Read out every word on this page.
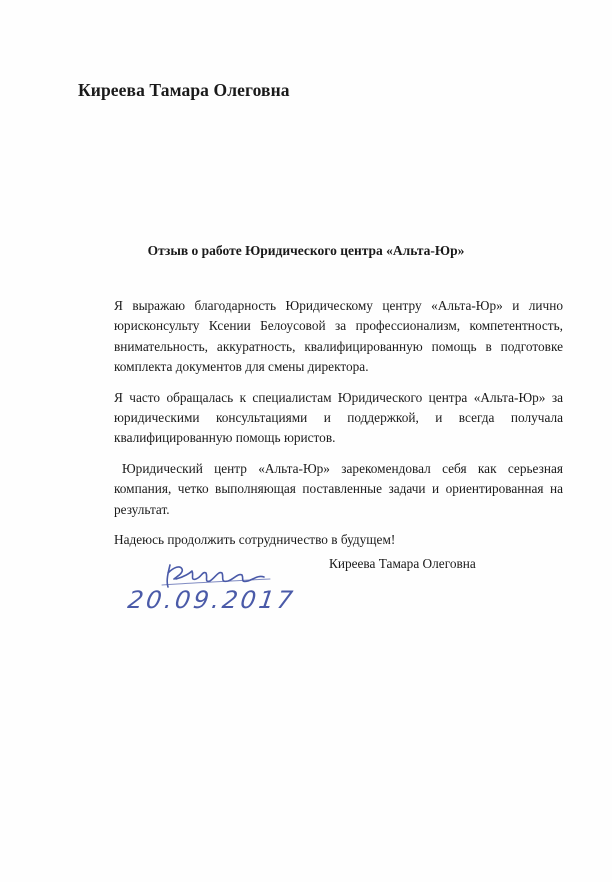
Киреева Тамара Олеговна
Отзыв о работе Юридического центра «Альта-Юр»

Я выражаю благодарность Юридическому центру «Альта-Юр» и лично юрисконсульту Ксении Белоусовой за профессионализм, компетентность, внимательность, аккуратность, квалифицированную помощь в подготовке комплекта документов для смены директора.

Я часто обращалась к специалистам Юридического центра «Альта-Юр» за юридическими консультациями и поддержкой, и всегда получала квалифицированную помощь юристов.

Юридический центр «Альта-Юр» зарекомендовал себя как серьезная компания, четко выполняющая поставленные задачи и ориентированная на результат.

Надеюсь продолжить сотрудничество в будущем!

Киреева Тамара Олеговна
20.09.2017
